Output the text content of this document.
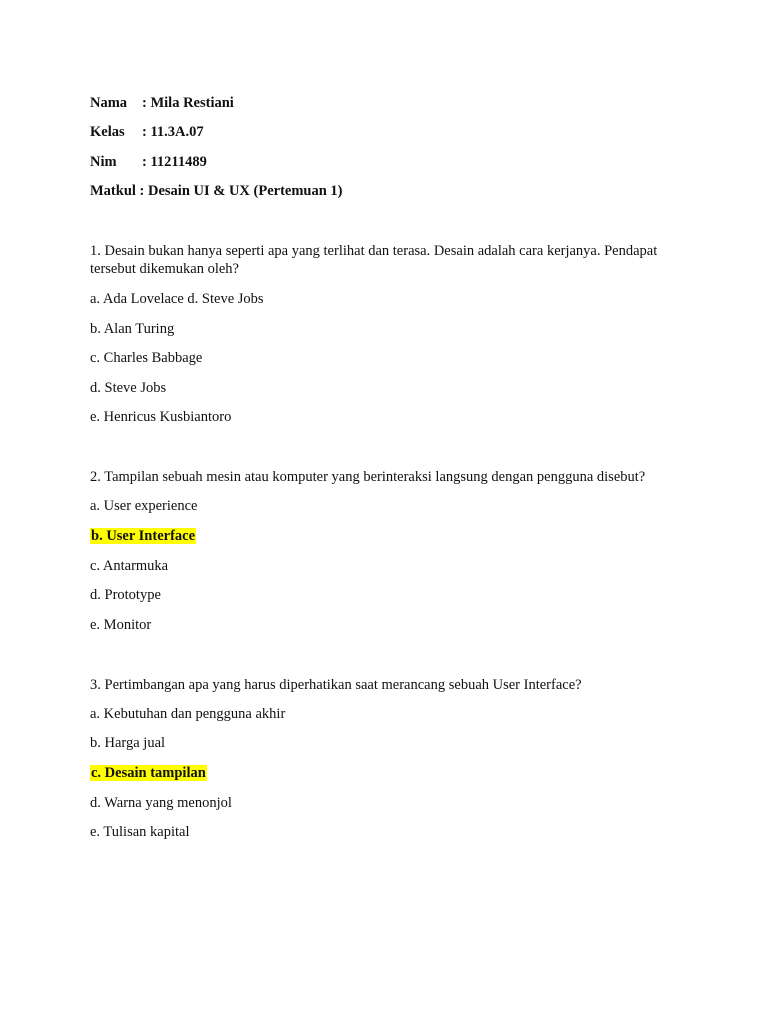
Nama : Mila Restiani
Kelas : 11.3A.07
Nim : 11211489
Matkul : Desain UI & UX (Pertemuan 1)
1. Desain bukan hanya seperti apa yang terlihat dan terasa. Desain adalah cara kerjanya. Pendapat tersebut dikemukan oleh?
a. Ada Lovelace d. Steve Jobs
b. Alan Turing
c. Charles Babbage
d. Steve Jobs
e. Henricus Kusbiantoro
2. Tampilan sebuah mesin atau komputer yang berinteraksi langsung dengan pengguna disebut?
a. User experience
b. User Interface
c. Antarmuka
d. Prototype
e. Monitor
3. Pertimbangan apa yang harus diperhatikan saat merancang sebuah User Interface?
a. Kebutuhan dan pengguna akhir
b. Harga jual
c. Desain tampilan
d. Warna yang menonjol
e. Tulisan kapital
